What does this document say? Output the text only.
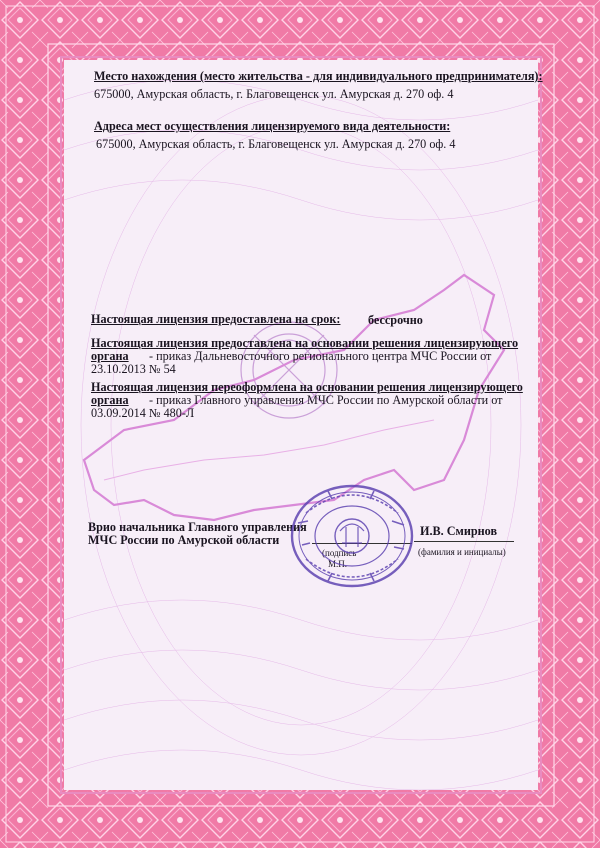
Место нахождения (место жительства - для индивидуального предпринимателя):
675000, Амурская область, г. Благовещенск ул. Амурская д. 270 оф. 4
Адреса мест осуществления лицензируемого вида деятельности:
675000, Амурская область, г. Благовещенск ул. Амурская д. 270 оф. 4
Настоящая лицензия предоставлена на срок: бессрочно
Настоящая лицензия предоставлена на основании решения лицензирующего
органа - приказ Дальневосточного регионального центра МЧС России от
23.10.2013 № 54
Настоящая лицензия переоформлена на основании решения лицензирующего
органа - приказ Главного управления МЧС России по Амурской области от
03.09.2014 № 480-Л
Врио начальника Главного управления
МЧС России по Амурской области
(подпись
М.П.
И.В. Смирнов
(фамилия и инициалы)
